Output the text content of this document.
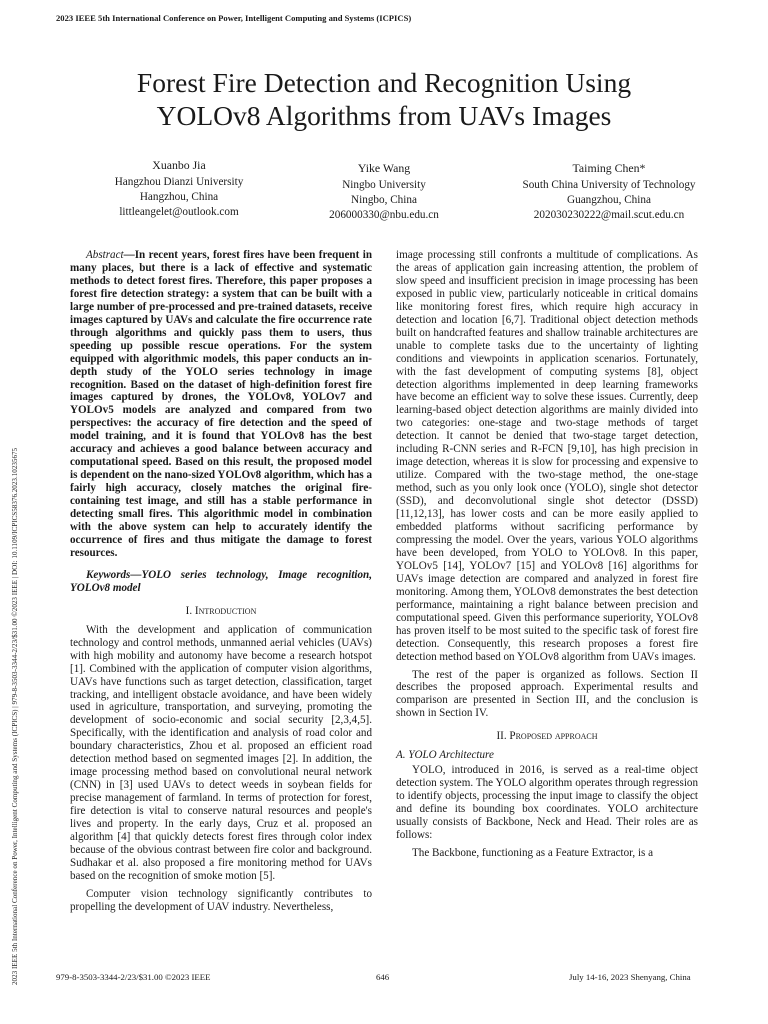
2023 IEEE 5th International Conference on Power, Intelligent Computing and Systems (ICPICS)
2023 IEEE 5th International Conference on Power, Intelligent Computing and Systems (ICPICS) | 979-8-3503-3344-2/23/$31.00 ©2023 IEEE | DOI: 10.1109/ICPICS58376.2023.10235675
Forest Fire Detection and Recognition Using
YOLOv8 Algorithms from UAVs Images
Xuanbo Jia
Hangzhou Dianzi University
Hangzhou, China
littleangelet@outlook.com
Yike Wang
Ningbo University
Ningbo, China
206000330@nbu.edu.cn
Taiming Chen*
South China University of Technology
Guangzhou, China
202030230222@mail.scut.edu.cn

Abstract—In recent years, forest fires have been frequent in many places, but there is a lack of effective and systematic methods to detect forest fires. Therefore, this paper proposes a forest fire detection strategy: a system that can be built with a large number of pre-processed and pre-trained datasets, receive images captured by UAVs and calculate the fire occurrence rate through algorithms and quickly pass them to users, thus speeding up possible rescue operations. For the system equipped with algorithmic models, this paper conducts an in-depth study of the YOLO series technology in image recognition. Based on the dataset of high-definition forest fire images captured by drones, the YOLOv8, YOLOv7 and YOLOv5 models are analyzed and compared from two perspectives: the accuracy of fire detection and the speed of model training, and it is found that YOLOv8 has the best accuracy and achieves a good balance between accuracy and computational speed. Based on this result, the proposed model is dependent on the nano-sized YOLOv8 algorithm, which has a fairly high accuracy, closely matches the original fire-containing test image, and still has a stable performance in detecting small fires. This algorithmic model in combination with the above system can help to accurately identify the occurrence of fires and thus mitigate the damage to forest resources.

Keywords—YOLO series technology, Image recognition, YOLOv8 model

I. Introduction

With the development and application of communication technology and control methods, unmanned aerial vehicles (UAVs) with high mobility and autonomy have become a research hotspot [1]. Combined with the application of computer vision algorithms, UAVs have functions such as target detection, classification, target tracking, and intelligent obstacle avoidance, and have been widely used in agriculture, transportation, and surveying, promoting the development of socio-economic and social security [2,3,4,5]. Specifically, with the identification and analysis of road color and boundary characteristics, Zhou et al. proposed an efficient road detection method based on segmented images [2]. In addition, the image processing method based on convolutional neural network (CNN) in [3] used UAVs to detect weeds in soybean fields for precise management of farmland. In terms of protection for forest, fire detection is vital to conserve natural resources and people's lives and property. In the early days, Cruz et al. proposed an algorithm [4] that quickly detects forest fires through color index because of the obvious contrast between fire color and background. Sudhakar et al. also proposed a fire monitoring method for UAVs based on the recognition of smoke motion [5].

Computer vision technology significantly contributes to propelling the development of UAV industry. Nevertheless,

image processing still confronts a multitude of complications. As the areas of application gain increasing attention, the problem of slow speed and insufficient precision in image processing has been exposed in public view, particularly noticeable in critical domains like monitoring forest fires, which require high accuracy in detection and location [6,7]. Traditional object detection methods built on handcrafted features and shallow trainable architectures are unable to complete tasks due to the uncertainty of lighting conditions and viewpoints in application scenarios. Fortunately, with the fast development of computing systems [8], object detection algorithms implemented in deep learning frameworks have become an efficient way to solve these issues. Currently, deep learning-based object detection algorithms are mainly divided into two categories: one-stage and two-stage methods of target detection. It cannot be denied that two-stage target detection, including R-CNN series and R-FCN [9,10], has high precision in image detection, whereas it is slow for processing and expensive to utilize. Compared with the two-stage method, the one-stage method, such as you only look once (YOLO), single shot detector (SSD), and deconvolutional single shot detector (DSSD) [11,12,13], has lower costs and can be more easily applied to embedded platforms without sacrificing performance by compressing the model. Over the years, various YOLO algorithms have been developed, from YOLO to YOLOv8. In this paper, YOLOv5 [14], YOLOv7 [15] and YOLOv8 [16] algorithms for UAVs image detection are compared and analyzed in forest fire monitoring. Among them, YOLOv8 demonstrates the best detection performance, maintaining a right balance between precision and computational speed. Given this performance superiority, YOLOv8 has proven itself to be most suited to the specific task of forest fire detection. Consequently, this research proposes a forest fire detection method based on YOLOv8 algorithm from UAVs images.

The rest of the paper is organized as follows. Section II describes the proposed approach. Experimental results and comparison are presented in Section III, and the conclusion is shown in Section IV.

II. Proposed approach
A. YOLO Architecture

YOLO, introduced in 2016, is served as a real-time object detection system. The YOLO algorithm operates through regression to identify objects, processing the input image to classify the object and define its bounding box coordinates. YOLO architecture usually consists of Backbone, Neck and Head. Their roles are as follows:

The Backbone, functioning as a Feature Extractor, is a

979-8-3503-3344-2/23/$31.00 ©2023 IEEE	646	July 14-16, 2023 Shenyang, China
